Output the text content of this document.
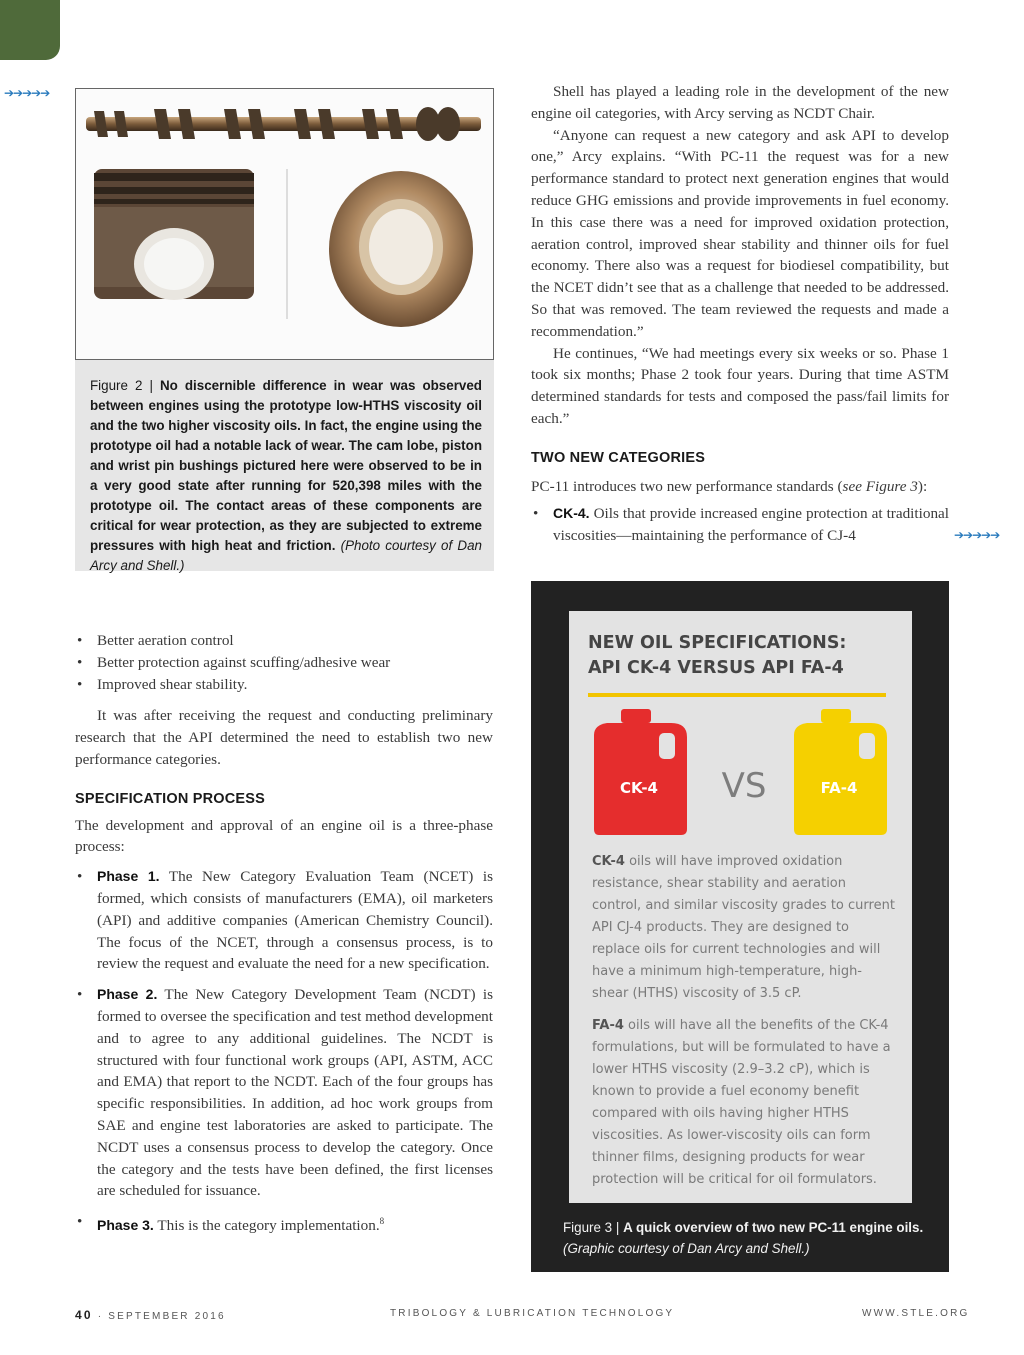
➔➔➔➔➔
Figure 2 | No discernible difference in wear was observed between engines using the prototype low-HTHS viscosity oil and the two higher viscosity oils. In fact, the engine using the prototype oil had a notable lack of wear. The cam lobe, piston and wrist pin bushings pictured here were observed to be in a very good state after running for 520,398 miles with the prototype oil. The contact areas of these components are critical for wear protection, as they are subjected to extreme pressures with high heat and friction. (Photo courtesy of Dan Arcy and Shell.)

Shell has played a leading role in the development of the new engine oil categories, with Arcy serving as NCDT Chair.

“Anyone can request a new category and ask API to develop one,” Arcy explains. “With PC-11 the request was for a new performance standard to protect next generation engines that would reduce GHG emissions and provide improvements in fuel economy. In this case there was a need for improved oxidation protection, aeration control, improved shear stability and thinner oils for fuel economy. There also was a request for biodiesel compatibility, but the NCET didn’t see that as a challenge that needed to be addressed. So that was removed. The team reviewed the requests and made a recommendation.”

He continues, “We had meetings every six weeks or so. Phase 1 took six months; Phase 2 took four years. During that time ASTM determined standards for tests and composed the pass/fail limits for each.”

TWO NEW CATEGORIES

PC-11 introduces two new performance standards (see Figure 3):

• CK-4. Oils that provide increased engine protection at traditional viscosities—maintaining the performance of CJ-4	➔➔➔➔➔
• Better aeration control
• Better protection against scuffing/adhesive wear
• Improved shear stability.

It was after receiving the request and conducting preliminary research that the API determined the need to establish two new performance categories.

SPECIFICATION PROCESS

The development and approval of an engine oil is a three-phase process:

• Phase 1. The New Category Evaluation Team (NCET) is formed, which consists of manufacturers (EMA), oil marketers (API) and additive companies (American Chemistry Council). The focus of the NCET, through a consensus process, is to review the request and evaluate the need for a new specification.
• Phase 2. The New Category Development Team (NCDT) is formed to oversee the specification and test method development and to agree to any additional guidelines. The NCDT is structured with four functional work groups (API, ASTM, ACC and EMA) that report to the NCDT. Each of the four groups has specific responsibilities. In addition, ad hoc work groups from SAE and engine test laboratories are asked to participate. The NCDT uses a consensus process to develop the category. Once the category and the tests have been defined, the first licenses are scheduled for issuance.
• Phase 3. This is the category implementation.$^8$
NEW OIL SPECIFICATIONS:
API CK-4 VERSUS API FA-4
CK-4 VS	FA-4
CK-4 oils will have improved oxidation resistance, shear stability and aeration control, and similar viscosity grades to current API CJ-4 products. They are designed to replace oils for current technologies and will have a minimum high-temperature, high-shear (HTHS) viscosity of 3.5 cP.
FA-4 oils will have all the benefits of the CK-4 formulations, but will be formulated to have a lower HTHS viscosity (2.9–3.2 cP), which is known to provide a fuel economy benefit compared with oils having higher HTHS viscosities. As lower-viscosity oils can form thinner films, designing products for wear protection will be critical for oil formulators.
Figure 3 | A quick overview of two new PC-11 engine oils.
(Graphic courtesy of Dan Arcy and Shell.)
40 · SEPTEMBER 2016	TRIBOLOGY & LUBRICATION TECHNOLOGY	WWW.STLE.ORG
